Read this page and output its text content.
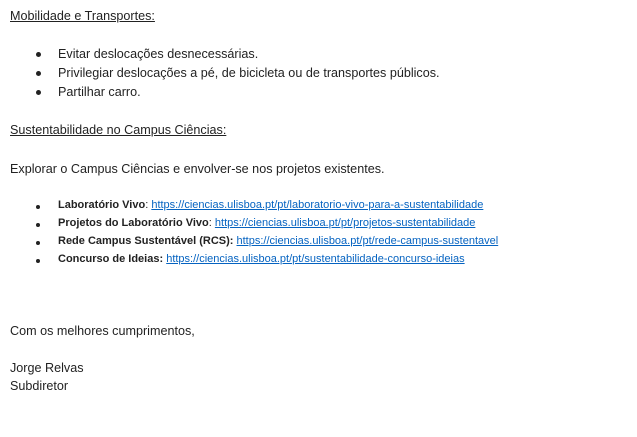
Mobilidade e Transportes:
Evitar deslocações desnecessárias.
Privilegiar deslocações a pé, de bicicleta ou de transportes públicos.
Partilhar carro.
Sustentabilidade no Campus Ciências:
Explorar o Campus Ciências e envolver-se nos projetos existentes.
Laboratório Vivo: https://ciencias.ulisboa.pt/pt/laboratorio-vivo-para-a-sustentabilidade
Projetos do Laboratório Vivo: https://ciencias.ulisboa.pt/pt/projetos-sustentabilidade
Rede Campus Sustentável (RCS): https://ciencias.ulisboa.pt/pt/rede-campus-sustentavel
Concurso de Ideias: https://ciencias.ulisboa.pt/pt/sustentabilidade-concurso-ideias
Com os melhores cumprimentos,
Jorge Relvas
Subdiretor
